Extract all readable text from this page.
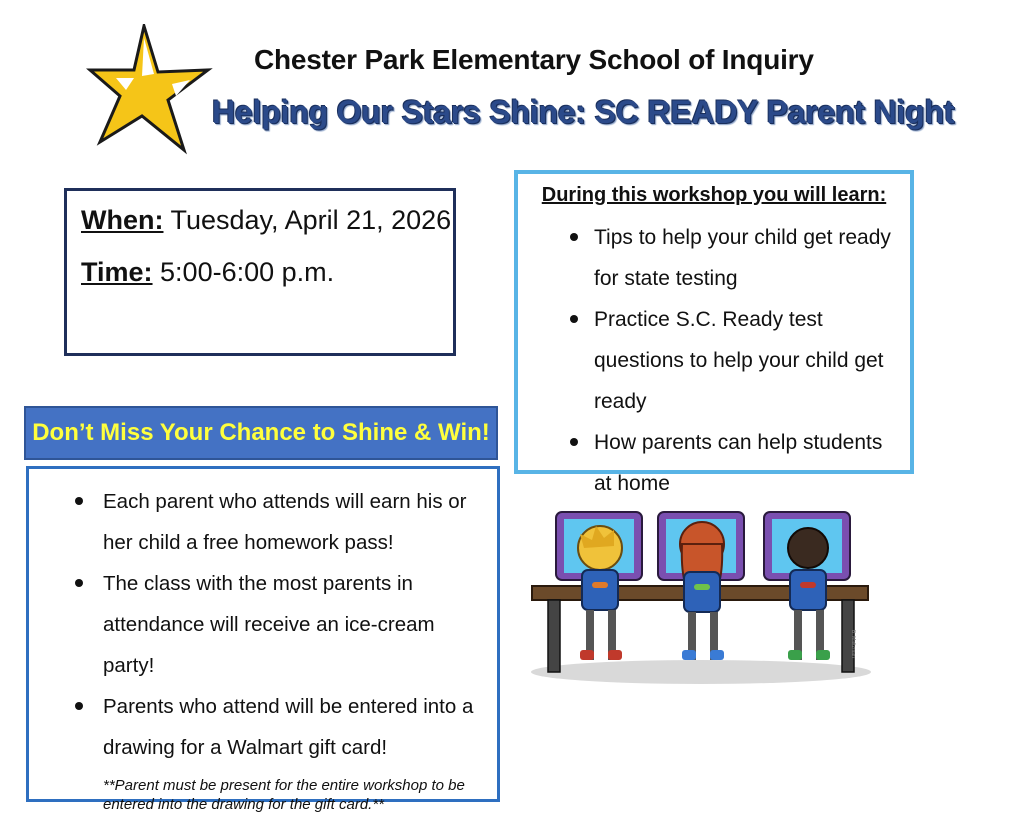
Chester Park Elementary School of Inquiry
Helping Our Stars Shine: SC READY Parent Night
When: Tuesday, April 21, 2026
Time: 5:00-6:00 p.m.
During this workshop you will learn:
Tips to help your child get ready for state testing
Practice S.C. Ready test questions to help your child get ready
How parents can help students at home
Don’t Miss Your Chance to Shine & Win!
Each parent who attends will earn his or her child a free homework pass!
The class with the most parents in attendance will receive an ice-cream party!
Parents who attend will be entered into a drawing for a Walmart gift card!
**Parent must be present for the entire workshop to be entered into the drawing for the gift card.**
B. Maltzman
